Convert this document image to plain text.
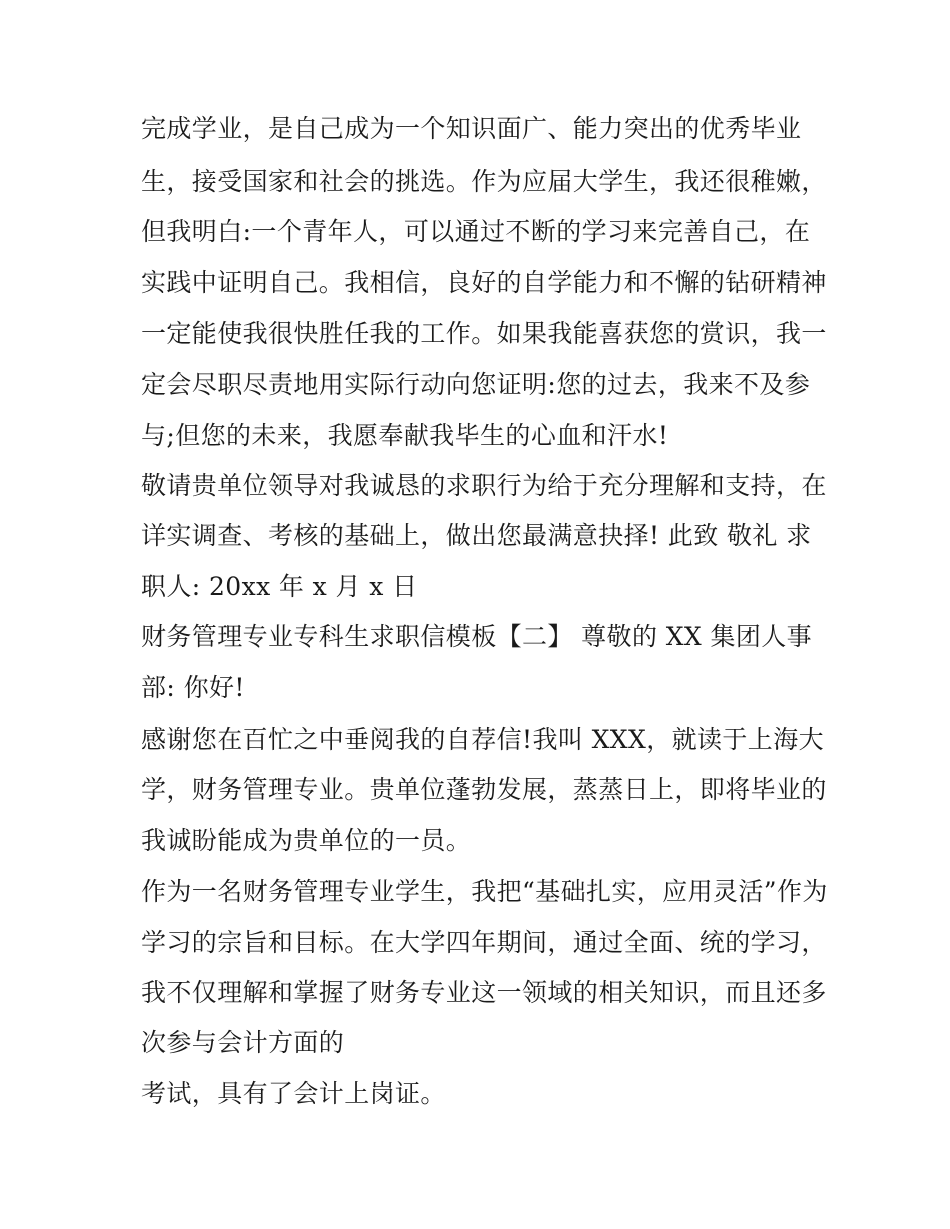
完成学业，是自己成为一个知识面广、能力突出的优秀毕业
生，接受国家和社会的挑选。作为应届大学生，我还很稚嫩，
但我明白:一个青年人，可以通过不断的学习来完善自己，在
实践中证明自己。我相信，良好的自学能力和不懈的钻研精神
一定能使我很快胜任我的工作。如果我能喜获您的赏识，我一
定会尽职尽责地用实际行动向您证明:您的过去，我来不及参
与;但您的未来，我愿奉献我毕生的心血和汗水!
敬请贵单位领导对我诚恳的求职行为给于充分理解和支持，在
详实调查、考核的基础上，做出您最满意抉择! 此致 敬礼 求
职人: 20xx 年 x 月 x 日
财务管理专业专科生求职信模板【二】 尊敬的 XX 集团人事
部: 你好!
感谢您在百忙之中垂阅我的自荐信!我叫 XXX，就读于上海大
学，财务管理专业。贵单位蓬勃发展，蒸蒸日上，即将毕业的
我诚盼能成为贵单位的一员。
作为一名财务管理专业学生，我把“基础扎实，应用灵活”作为
学习的宗旨和目标。在大学四年期间，通过全面、统的学习，
我不仅理解和掌握了财务专业这一领域的相关知识，而且还多
次参与会计方面的
考试，具有了会计上岗证。
